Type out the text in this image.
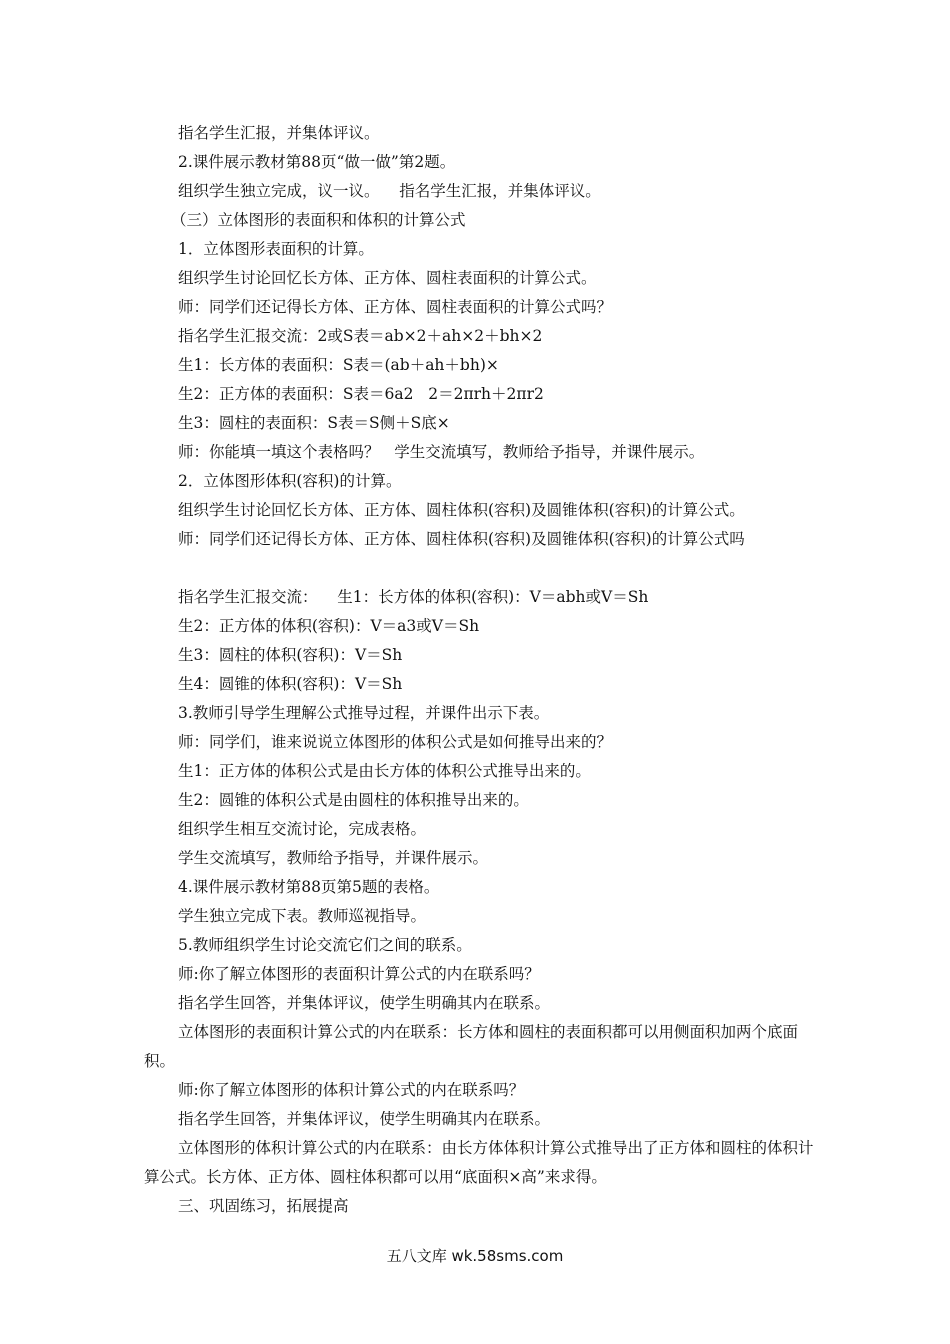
指名学生汇报，并集体评议。

2.课件展示教材第88页“做一做”第2题。

组织学生独立完成，议一议。    指名学生汇报，并集体评议。

（三）立体图形的表面积和体积的计算公式

1．立体图形表面积的计算。

组织学生讨论回忆长方体、正方体、圆柱表面积的计算公式。

师：同学们还记得长方体、正方体、圆柱表面积的计算公式吗？

指名学生汇报交流：2或S表＝ab×2＋ah×2＋bh×2

生1：长方体的表面积：S表＝(ab＋ah＋bh)×

生2：正方体的表面积：S表＝6a2   2＝2πrh＋2πr2

生3：圆柱的表面积：S表＝S侧＋S底×

师：你能填一填这个表格吗？   学生交流填写，教师给予指导，并课件展示。

2．立体图形体积(容积)的计算。

组织学生讨论回忆长方体、正方体、圆柱体积(容积)及圆锥体积(容积)的计算公式。

师：同学们还记得长方体、正方体、圆柱体积(容积)及圆锥体积(容积)的计算公式吗

指名学生汇报交流：    生1：长方体的体积(容积)：V＝abh或V＝Sh

生2：正方体的体积(容积)：V＝a3或V＝Sh

生3：圆柱的体积(容积)：V＝Sh

生4：圆锥的体积(容积)：V＝Sh

3.教师引导学生理解公式推导过程，并课件出示下表。

师：同学们，谁来说说立体图形的体积公式是如何推导出来的？

生1：正方体的体积公式是由长方体的体积公式推导出来的。

生2：圆锥的体积公式是由圆柱的体积推导出来的。

组织学生相互交流讨论，完成表格。

学生交流填写，教师给予指导，并课件展示。

4.课件展示教材第88页第5题的表格。

学生独立完成下表。教师巡视指导。

5.教师组织学生讨论交流它们之间的联系。

师:你了解立体图形的表面积计算公式的内在联系吗？

指名学生回答，并集体评议，使学生明确其内在联系。

立体图形的表面积计算公式的内在联系：长方体和圆柱的表面积都可以用侧面积加两个底面积。

师:你了解立体图形的体积计算公式的内在联系吗？

指名学生回答，并集体评议，使学生明确其内在联系。

立体图形的体积计算公式的内在联系：由长方体体积计算公式推导出了正方体和圆柱的体积计算公式。长方体、正方体、圆柱体积都可以用“底面积×高”来求得。

三、巩固练习，拓展提高

五八文库 wk.58sms.com
